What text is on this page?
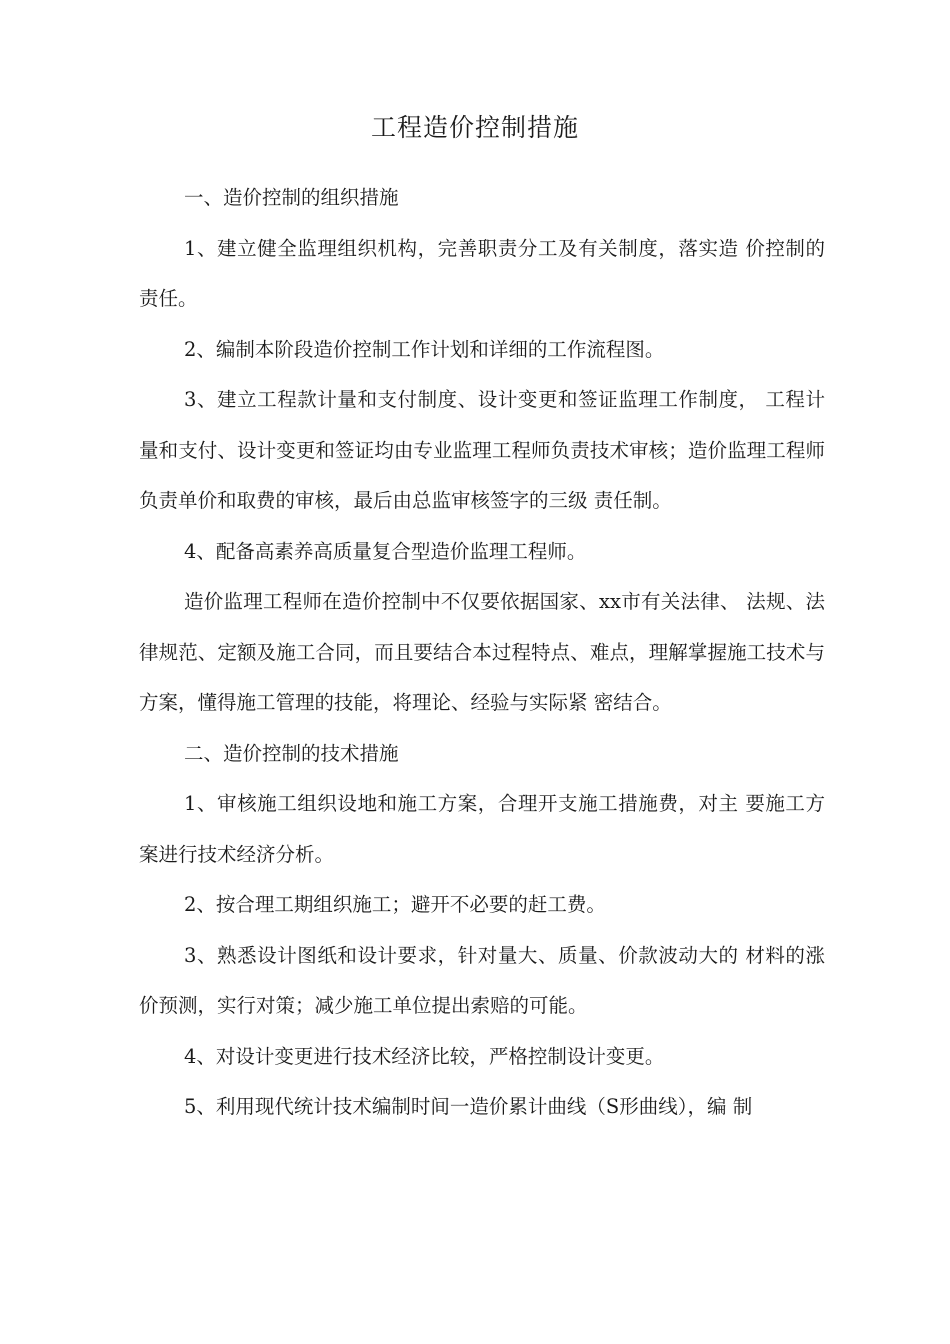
工程造价控制措施

一、造价控制的组织措施

1、建立健全监理组织机构，完善职责分工及有关制度，落实造 价控制的责任。

2、编制本阶段造价控制工作计划和详细的工作流程图。

3、建立工程款计量和支付制度、设计变更和签证监理工作制度， 工程计量和支付、设计变更和签证均由专业监理工程师负责技术审核；造价监理工程师负责单价和取费的审核，最后由总监审核签字的三级 责任制。

4、配备高素养高质量复合型造价监理工程师。

造价监理工程师在造价控制中不仅要依据国家、xx市有关法律、 法规、法律规范、定额及施工合同，而且要结合本过程特点、难点，理解掌握施工技术与方案，懂得施工管理的技能，将理论、经验与实际紧 密结合。

二、造价控制的技术措施

1、审核施工组织设地和施工方案，合理开支施工措施费，对主 要施工方案进行技术经济分析。

2、按合理工期组织施工；避开不必要的赶工费。

3、熟悉设计图纸和设计要求，针对量大、质量、价款波动大的 材料的涨价预测，实行对策；减少施工单位提出索赔的可能。

4、对设计变更进行技术经济比较，严格控制设计变更。

5、利用现代统计技术编制时间一造价累计曲线（S形曲线），编 制
